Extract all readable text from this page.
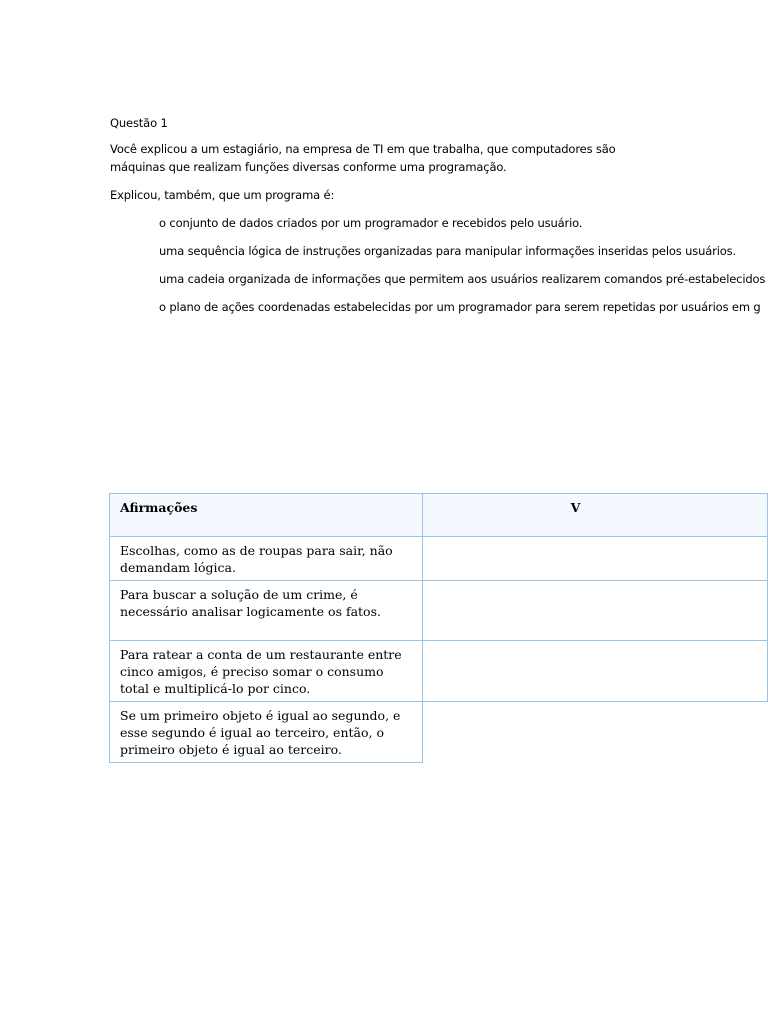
Questão 1
Você explicou a um estagiário, na empresa de TI em que trabalha, que computadores são
máquinas que realizam funções diversas conforme uma programação.
Explicou, também, que um programa é:
o conjunto de dados criados por um programador e recebidos pelo usuário.
uma sequência lógica de instruções organizadas para manipular informações inseridas pelos usuários.
uma cadeia organizada de informações que permitem aos usuários realizarem comandos pré-estabelecidos
o plano de ações coordenadas estabelecidas por um programador para serem repetidas por usuários em g
Afirmações	V
Escolhas, como as de roupas para sair, não demandam lógica.	
Para buscar a solução de um crime, é necessário analisar logicamente os fatos.	
Para ratear a conta de um restaurante entre cinco amigos, é preciso somar o consumo total e multiplicá-lo por cinco.	
Se um primeiro objeto é igual ao segundo, e esse segundo é igual ao terceiro, então, o primeiro objeto é igual ao terceiro.	
